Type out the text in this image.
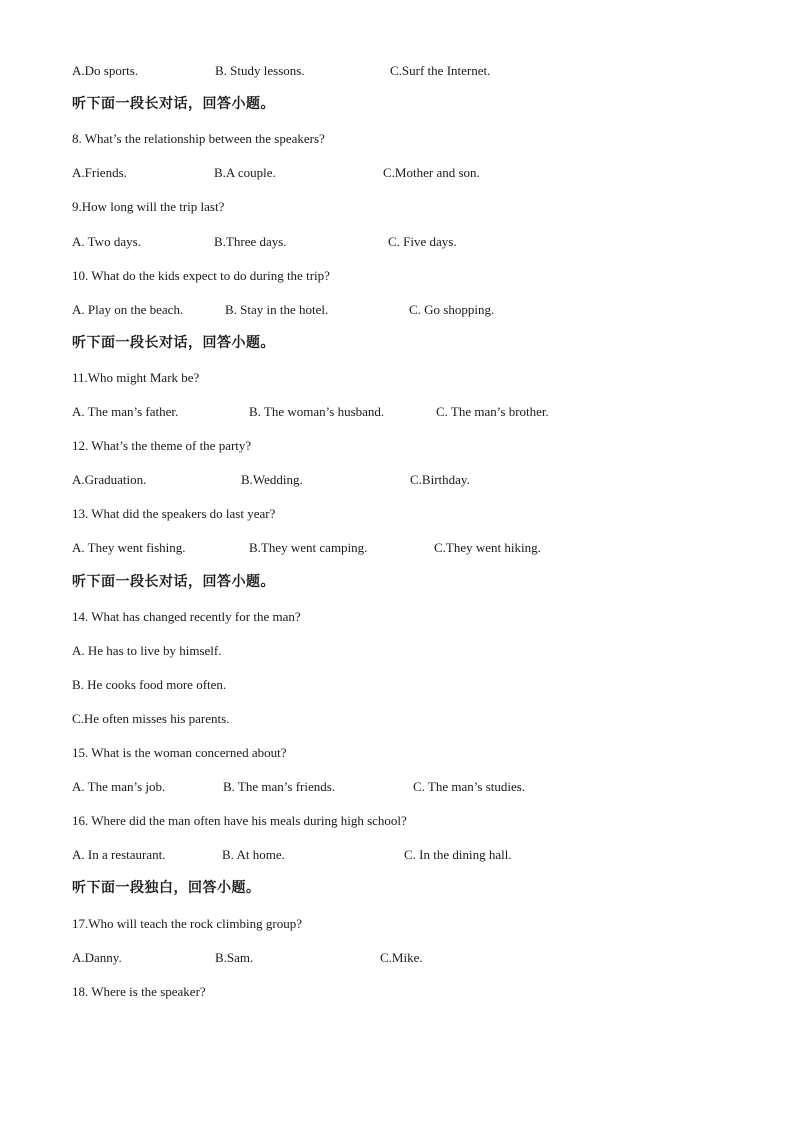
A.Do sports.	B. Study lessons.	C.Surf the Internet.
听下面一段长对话，回答小题。
8. What’s the relationship between the speakers?
A.Friends.	B.A couple.	C.Mother and son.
9.How long will the trip last?
A. Two days.	B.Three days.	C. Five days.
10. What do the kids expect to do during the trip?
A. Play on the beach.	B. Stay in the hotel.	C. Go shopping.
听下面一段长对话，回答小题。
11.Who might Mark be?
A. The man’s father.	B. The woman’s husband.	C. The man’s brother.
12. What’s the theme of the party?
A.Graduation.	B.Wedding.	C.Birthday.
13. What did the speakers do last year?
A. They went fishing.	B.They went camping.	C.They went hiking.
听下面一段长对话，回答小题。
14. What has changed recently for the man?
A. He has to live by himself.
B. He cooks food more often.
C.He often misses his parents.
15. What is the woman concerned about?
A. The man’s job.	B. The man’s friends.	C. The man’s studies.
16. Where did the man often have his meals during high school?
A. In a restaurant.	B. At home.	C. In the dining hall.
听下面一段独白，回答小题。
17.Who will teach the rock climbing group?
A.Danny.	B.Sam.	C.Mike.
18. Where is the speaker?
